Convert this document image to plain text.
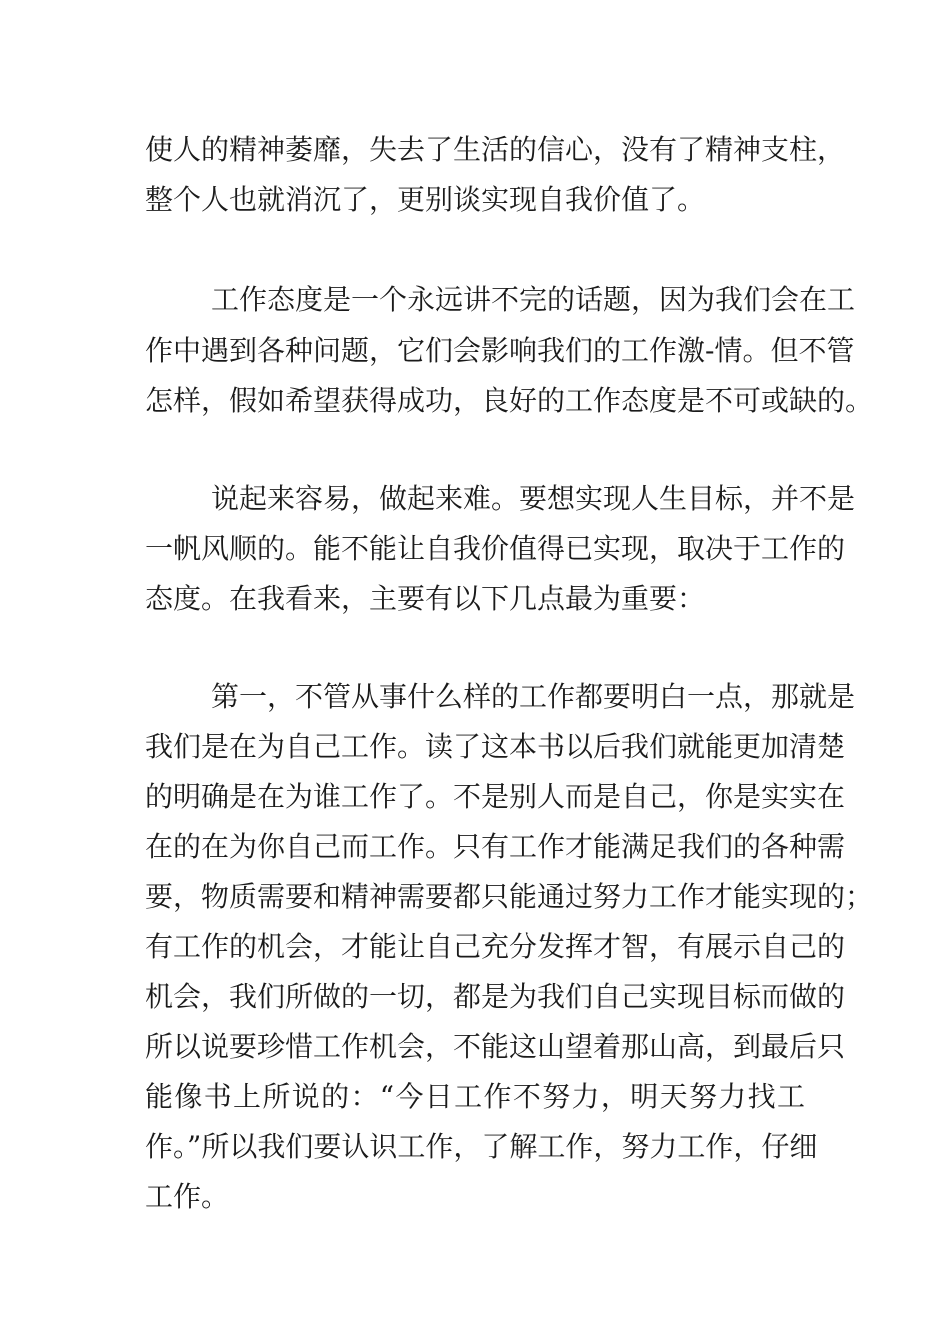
使人的精神萎靡，失去了生活的信心，没有了精神支柱，
整个人也就消沉了，更别谈实现自我价值了。
工作态度是一个永远讲不完的话题，因为我们会在工
作中遇到各种问题，它们会影响我们的工作激-情。但不管
怎样，假如希望获得成功，良好的工作态度是不可或缺的。
说起来容易，做起来难。要想实现人生目标，并不是
一帆风顺的。能不能让自我价值得已实现，取决于工作的
态度。在我看来，主要有以下几点最为重要：
第一，不管从事什么样的工作都要明白一点，那就是
我们是在为自己工作。读了这本书以后我们就能更加清楚
的明确是在为谁工作了。不是别人而是自己，你是实实在
在的在为你自己而工作。只有工作才能满足我们的各种需
要，物质需要和精神需要都只能通过努力工作才能实现的；
有工作的机会，才能让自己充分发挥才智，有展示自己的
机会，我们所做的一切，都是为我们自己实现目标而做的
所以说要珍惜工作机会，不能这山望着那山高，到最后只
能像书上所说的：“今日工作不努力，明天努力找工
作。”所以我们要认识工作，了解工作，努力工作，仔细
工作。
